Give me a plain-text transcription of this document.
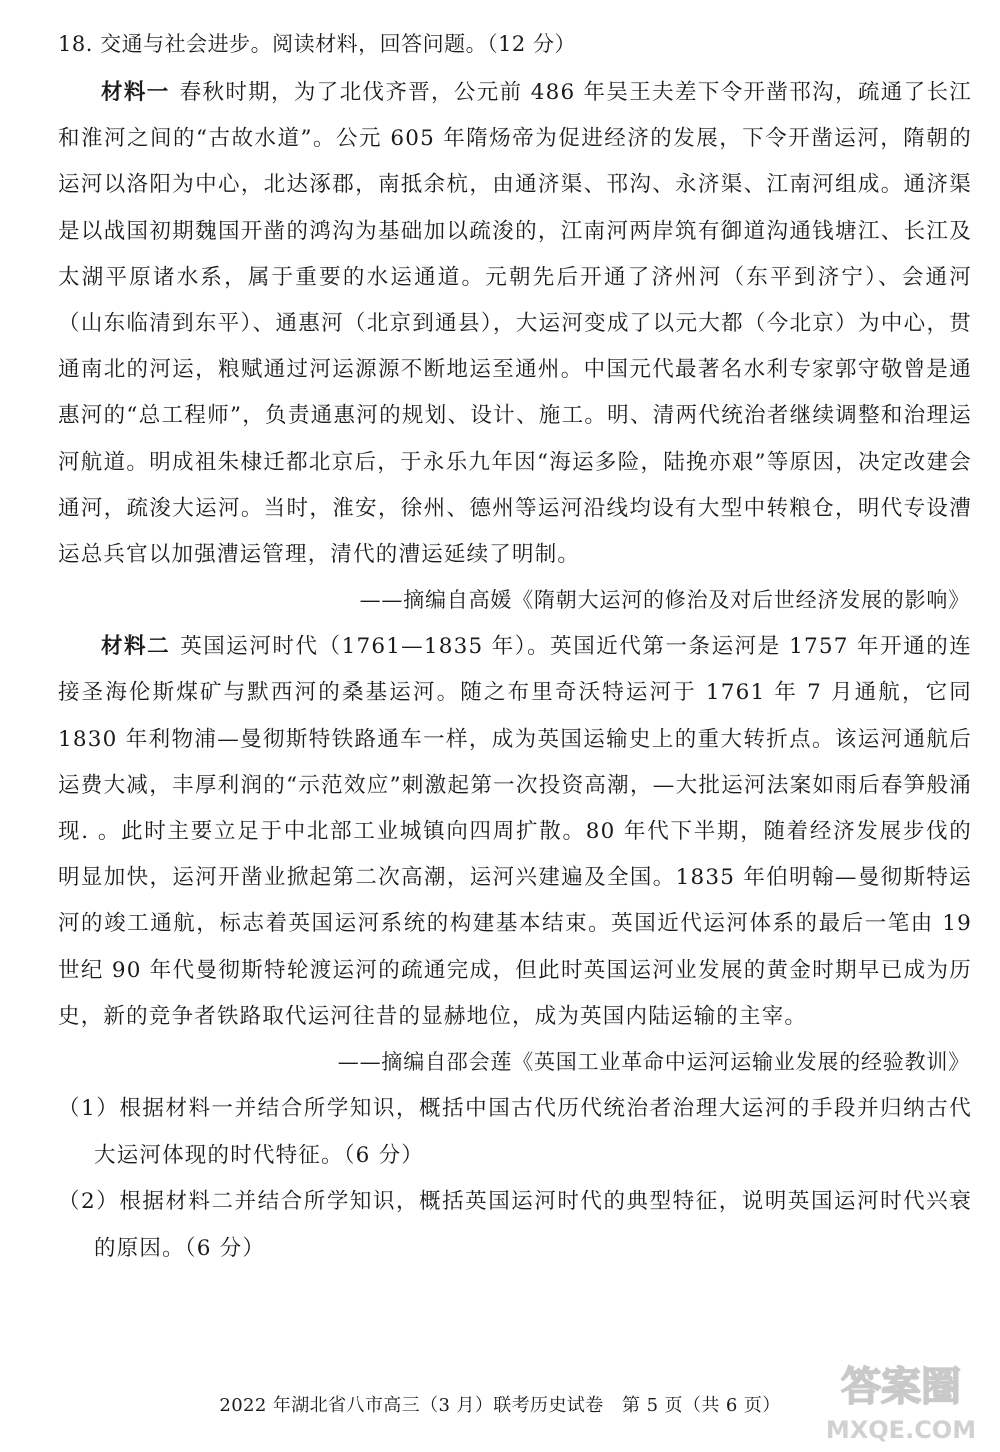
18. 交通与社会进步。阅读材料，回答问题。（12 分）

材料一 春秋时期，为了北伐齐晋，公元前 486 年吴王夫差下令开凿邗沟，疏通了长江和淮河之间的“古故水道”。公元 605 年隋炀帝为促进经济的发展，下令开凿运河，隋朝的运河以洛阳为中心，北达涿郡，南抵余杭，由通济渠、邗沟、永济渠、江南河组成。通济渠是以战国初期魏国开凿的鸿沟为基础加以疏浚的，江南河两岸筑有御道沟通钱塘江、长江及太湖平原诸水系，属于重要的水运通道。元朝先后开通了济州河（东平到济宁）、会通河（山东临清到东平）、通惠河（北京到通县），大运河变成了以元大都（今北京）为中心，贯通南北的河运，粮赋通过河运源源不断地运至通州。中国元代最著名水利专家郭守敬曾是通惠河的“总工程师”，负责通惠河的规划、设计、施工。明、清两代统治者继续调整和治理运河航道。明成祖朱棣迁都北京后，于永乐九年因“海运多险，陆挽亦艰”等原因，决定改建会通河，疏浚大运河。当时，淮安，徐州、德州等运河沿线均设有大型中转粮仓，明代专设漕运总兵官以加强漕运管理，清代的漕运延续了明制。

——摘编自高媛《隋朝大运河的修治及对后世经济发展的影响》

材料二 英国运河时代（1761—1835 年）。英国近代第一条运河是 1757 年开通的连接圣海伦斯煤矿与默西河的桑基运河。随之布里奇沃特运河于 1761 年 7 月通航，它同 1830 年利物浦—曼彻斯特铁路通车一样，成为英国运输史上的重大转折点。该运河通航后运费大减，丰厚利润的“示范效应”刺激起第一次投资高潮，—大批运河法案如雨后春笋般涌现. 。此时主要立足于中北部工业城镇向四周扩散。80 年代下半期，随着经济发展步伐的明显加快，运河开凿业掀起第二次高潮，运河兴建遍及全国。1835 年伯明翰—曼彻斯特运河的竣工通航，标志着英国运河系统的构建基本结束。英国近代运河体系的最后一笔由 19 世纪 90 年代曼彻斯特轮渡运河的疏通完成，但此时英国运河业发展的黄金时期早已成为历史，新的竞争者铁路取代运河往昔的显赫地位，成为英国内陆运输的主宰。

——摘编自邵会莲《英国工业革命中运河运输业发展的经验教训》

（1）根据材料一并结合所学知识，概括中国古代历代统治者治理大运河的手段并归纳古代大运河体现的时代特征。（6 分）

（2）根据材料二并结合所学知识，概括英国运河时代的典型特征，说明英国运河时代兴衰的原因。（6 分）

2022 年湖北省八市高三（3 月）联考历史试卷　第 5 页（共 6 页）	答案圈
MXQE.COM
